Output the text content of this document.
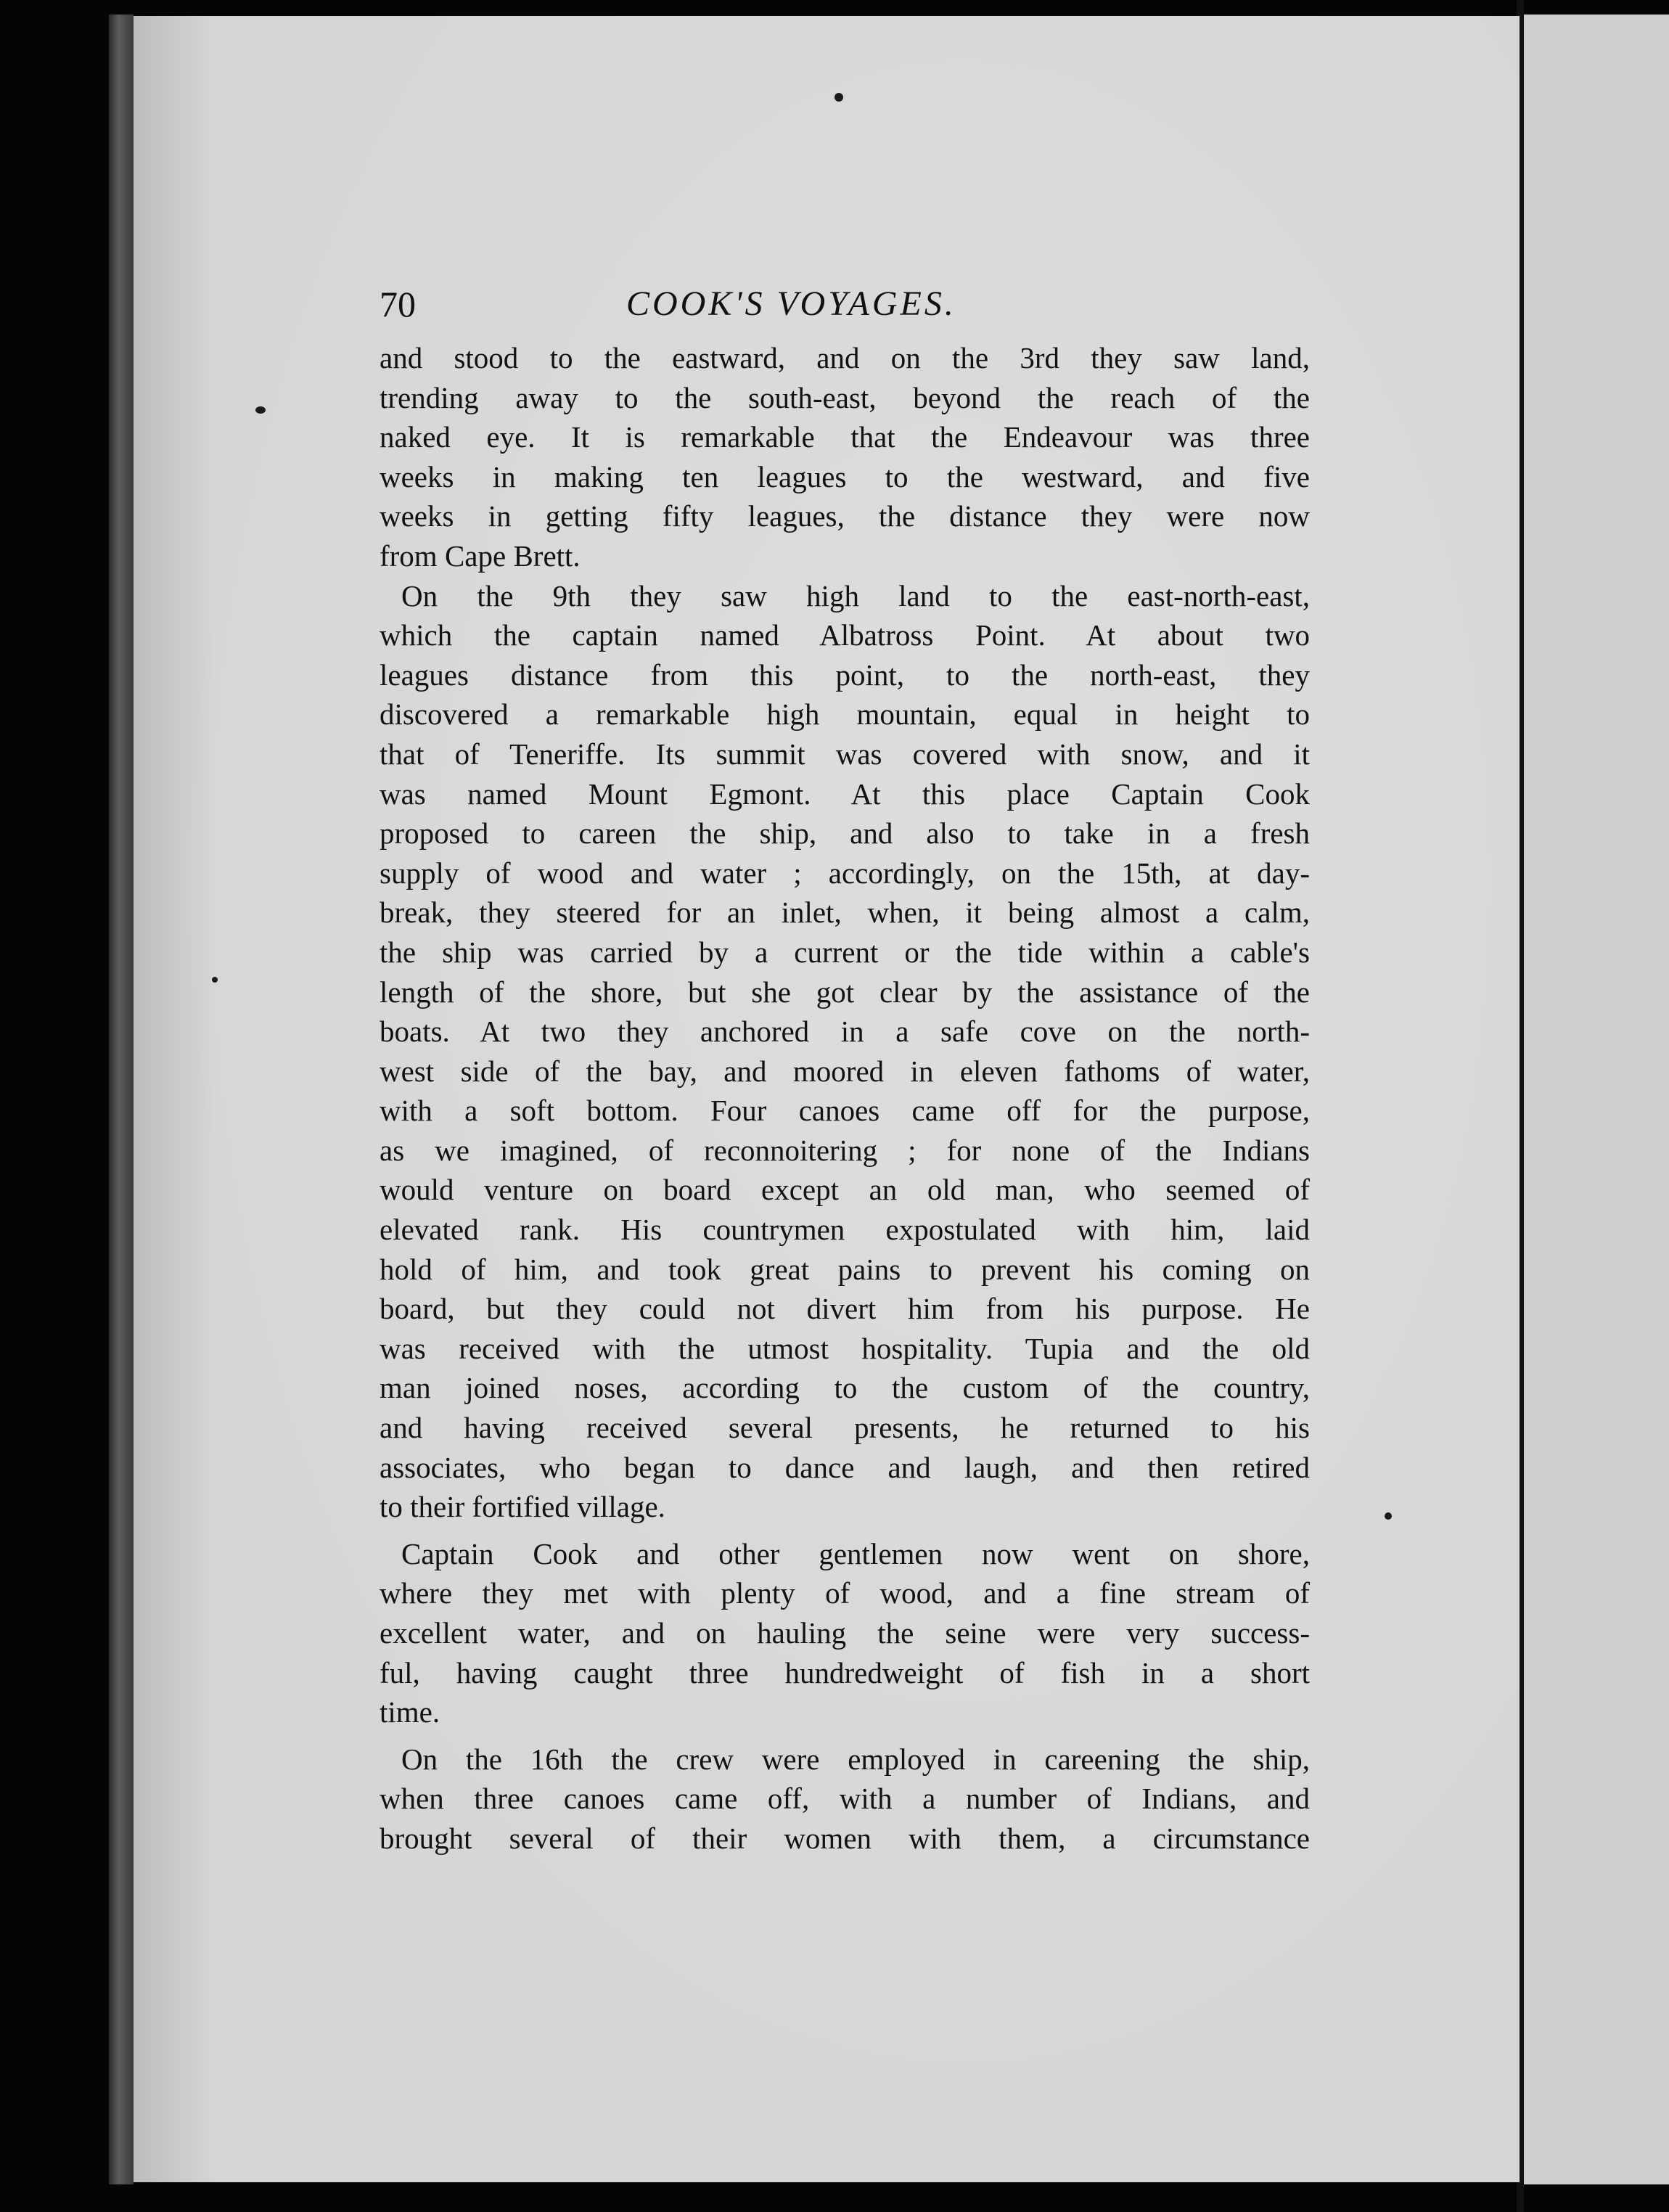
70	COOK'S VOYAGES.
and stood to the eastward, and on the 3rd they saw land,
trending away to the south-east, beyond the reach of the
naked eye. It is remarkable that the Endeavour was three
weeks in making ten leagues to the westward, and five
weeks in getting fifty leagues, the distance they were now
from Cape Brett.
On the 9th they saw high land to the east-north-east,
which the captain named Albatross Point. At about two
leagues distance from this point, to the north-east, they
discovered a remarkable high mountain, equal in height to
that of Teneriffe. Its summit was covered with snow, and it
was named Mount Egmont. At this place Captain Cook
proposed to careen the ship, and also to take in a fresh
supply of wood and water ; accordingly, on the 15th, at day-
break, they steered for an inlet, when, it being almost a calm,
the ship was carried by a current or the tide within a cable's
length of the shore, but she got clear by the assistance of the
boats. At two they anchored in a safe cove on the north-
west side of the bay, and moored in eleven fathoms of water,
with a soft bottom. Four canoes came off for the purpose,
as we imagined, of reconnoitering ; for none of the Indians
would venture on board except an old man, who seemed of
elevated rank. His countrymen expostulated with him, laid
hold of him, and took great pains to prevent his coming on
board, but they could not divert him from his purpose. He
was received with the utmost hospitality. Tupia and the old
man joined noses, according to the custom of the country,
and having received several presents, he returned to his
associates, who began to dance and laugh, and then retired
to their fortified village.
Captain Cook and other gentlemen now went on shore,
where they met with plenty of wood, and a fine stream of
excellent water, and on hauling the seine were very success-
ful, having caught three hundredweight of fish in a short
time.
On the 16th the crew were employed in careening the ship,
when three canoes came off, with a number of Indians, and
brought several of their women with them, a circumstance
